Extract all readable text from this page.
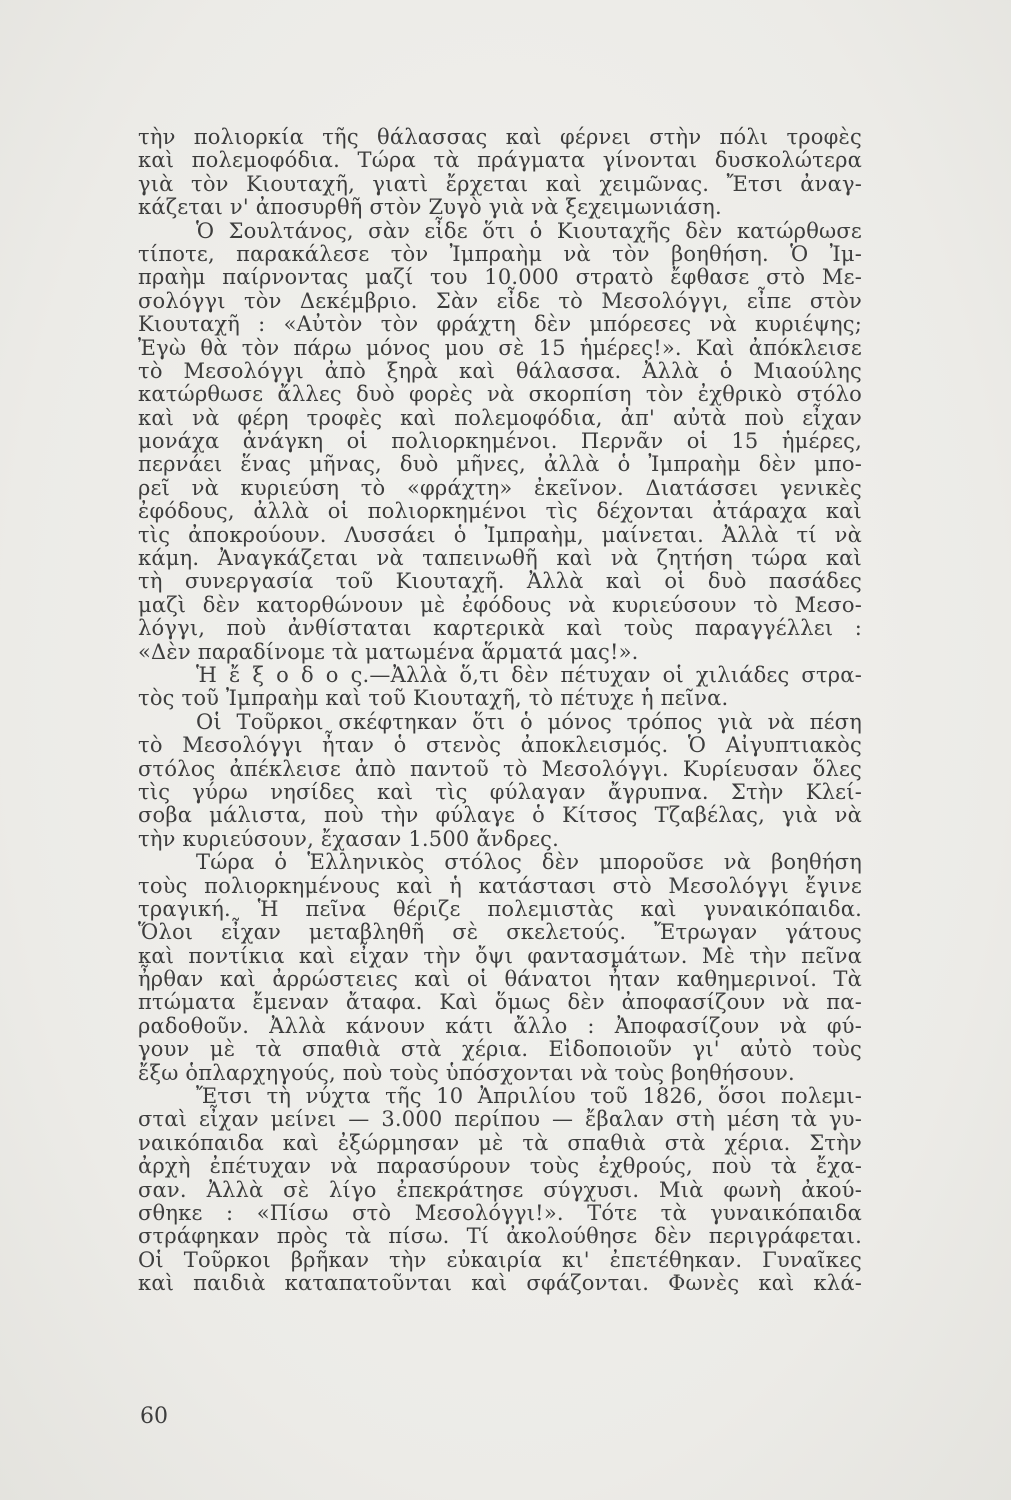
τὴν πολιορκία τῆς θάλασσας καὶ φέρνει στὴν πόλι τροφὲς
καὶ πολεμοφόδια. Τώρα τὰ πράγματα γίνονται δυσκολώτερα
γιὰ τὸν Κιουταχῆ, γιατὶ ἔρχεται καὶ χειμῶνας. Ἔτσι ἀναγ-
κάζεται ν' ἀποσυρθῆ στὸν Ζυγὸ γιὰ νὰ ξεχειμωνιάση.
Ὁ Σουλτάνος, σὰν εἶδε ὅτι ὁ Κιουταχῆς δὲν κατώρθωσε
τίποτε, παρακάλεσε τὸν Ἰμπραὴμ νὰ τὸν βοηθήση. Ὁ Ἰμ-
πραὴμ παίρνοντας μαζί του 10.000 στρατὸ ἔφθασε στὸ Με-
σολόγγι τὸν Δεκέμβριο. Σὰν εἶδε τὸ Μεσολόγγι, εἶπε στὸν
Κιουταχῆ : «Αὐτὸν τὸν φράχτη δὲν μπόρεσες νὰ κυριέψης;
Ἐγὼ θὰ τὸν πάρω μόνος μου σὲ 15 ἡμέρες!». Καὶ ἀπόκλεισε
τὸ Μεσολόγγι ἀπὸ ξηρὰ καὶ θάλασσα. Ἀλλὰ ὁ Μιαούλης
κατώρθωσε ἄλλες δυὸ φορὲς νὰ σκορπίση τὸν ἐχθρικὸ στόλο
καὶ νὰ φέρη τροφὲς καὶ πολεμοφόδια, ἀπ' αὐτὰ ποὺ εἶχαν
μονάχα ἀνάγκη οἱ πολιορκημένοι. Περνᾶν οἱ 15 ἡμέρες,
περνάει ἕνας μῆνας, δυὸ μῆνες, ἀλλὰ ὁ Ἰμπραὴμ δὲν μπο-
ρεῖ νὰ κυριεύση τὸ «φράχτη» ἐκεῖνον. Διατάσσει γενικὲς
ἐφόδους, ἀλλὰ οἱ πολιορκημένοι τὶς δέχονται ἀτάραχα καὶ
τὶς ἀποκρούουν. Λυσσάει ὁ Ἰμπραὴμ, μαίνεται. Ἀλλὰ τί νὰ
κάμη. Ἀναγκάζεται νὰ ταπεινωθῆ καὶ νὰ ζητήση τώρα καὶ
τὴ συνεργασία τοῦ Κιουταχῆ. Ἀλλὰ καὶ οἱ δυὸ πασάδες
μαζὶ δὲν κατορθώνουν μὲ ἐφόδους νὰ κυριεύσουν τὸ Μεσο-
λόγγι, ποὺ ἀνθίσταται καρτερικὰ καὶ τοὺς παραγγέλλει :
«Δὲν παραδίνομε τὰ ματωμένα ἅρματά μας!».
Ἡ ἔ ξ ο δ ο ς.—Ἀλλὰ ὅ,τι δὲν πέτυχαν οἱ χιλιάδες στρα-
τὸς τοῦ Ἰμπραὴμ καὶ τοῦ Κιουταχῆ, τὸ πέτυχε ἡ πεῖνα.
Οἱ Τοῦρκοι σκέφτηκαν ὅτι ὁ μόνος τρόπος γιὰ νὰ πέση
τὸ Μεσολόγγι ἦταν ὁ στενὸς ἀποκλεισμός. Ὁ Αἰγυπτιακὸς
στόλος ἀπέκλεισε ἀπὸ παντοῦ τὸ Μεσολόγγι. Κυρίευσαν ὅλες
τὶς γύρω νησίδες καὶ τὶς φύλαγαν ἄγρυπνα. Στὴν Κλεί-
σοβα μάλιστα, ποὺ τὴν φύλαγε ὁ Κίτσος Τζαβέλας, γιὰ νὰ
τὴν κυριεύσουν, ἔχασαν 1.500 ἄνδρες.
Τώρα ὁ Ἑλληνικὸς στόλος δὲν μποροῦσε νὰ βοηθήση
τοὺς πολιορκημένους καὶ ἡ κατάστασι στὸ Μεσολόγγι ἔγινε
τραγική. Ἡ πεῖνα θέριζε πολεμιστὰς καὶ γυναικόπαιδα.
Ὅλοι εἶχαν μεταβληθῆ σὲ σκελετούς. Ἔτρωγαν γάτους
καὶ ποντίκια καὶ εἶχαν τὴν ὄψι φαντασμάτων. Μὲ τὴν πεῖνα
ἦρθαν καὶ ἀρρώστειες καὶ οἱ θάνατοι ἦταν καθημερινοί. Τὰ
πτώματα ἔμεναν ἄταφα. Καὶ ὅμως δὲν ἀποφασίζουν νὰ πα-
ραδοθοῦν. Ἀλλὰ κάνουν κάτι ἄλλο : Ἀποφασίζουν νὰ φύ-
γουν μὲ τὰ σπαθιὰ στὰ χέρια. Εἰδοποιοῦν γι' αὐτὸ τοὺς
ἔξω ὁπλαρχηγούς, ποὺ τοὺς ὑπόσχονται νὰ τοὺς βοηθήσουν.
Ἔτσι τὴ νύχτα τῆς 10 Ἀπριλίου τοῦ 1826, ὅσοι πολεμι-
σταὶ εἶχαν μείνει — 3.000 περίπου — ἔβαλαν στὴ μέση τὰ γυ-
ναικόπαιδα καὶ ἐξώρμησαν μὲ τὰ σπαθιὰ στὰ χέρια. Στὴν
ἀρχὴ ἐπέτυχαν νὰ παρασύρουν τοὺς ἐχθρούς, ποὺ τὰ ἔχα-
σαν. Ἀλλὰ σὲ λίγο ἐπεκράτησε σύγχυσι. Μιὰ φωνὴ ἀκού-
σθηκε : «Πίσω στὸ Μεσολόγγι!». Τότε τὰ γυναικόπαιδα
στράφηκαν πρὸς τὰ πίσω. Τί ἀκολούθησε δὲν περιγράφεται.
Οἱ Τοῦρκοι βρῆκαν τὴν εὐκαιρία κι' ἐπετέθηκαν. Γυναῖκες
καὶ παιδιὰ καταπατοῦνται καὶ σφάζονται. Φωνὲς καὶ κλά-
60
